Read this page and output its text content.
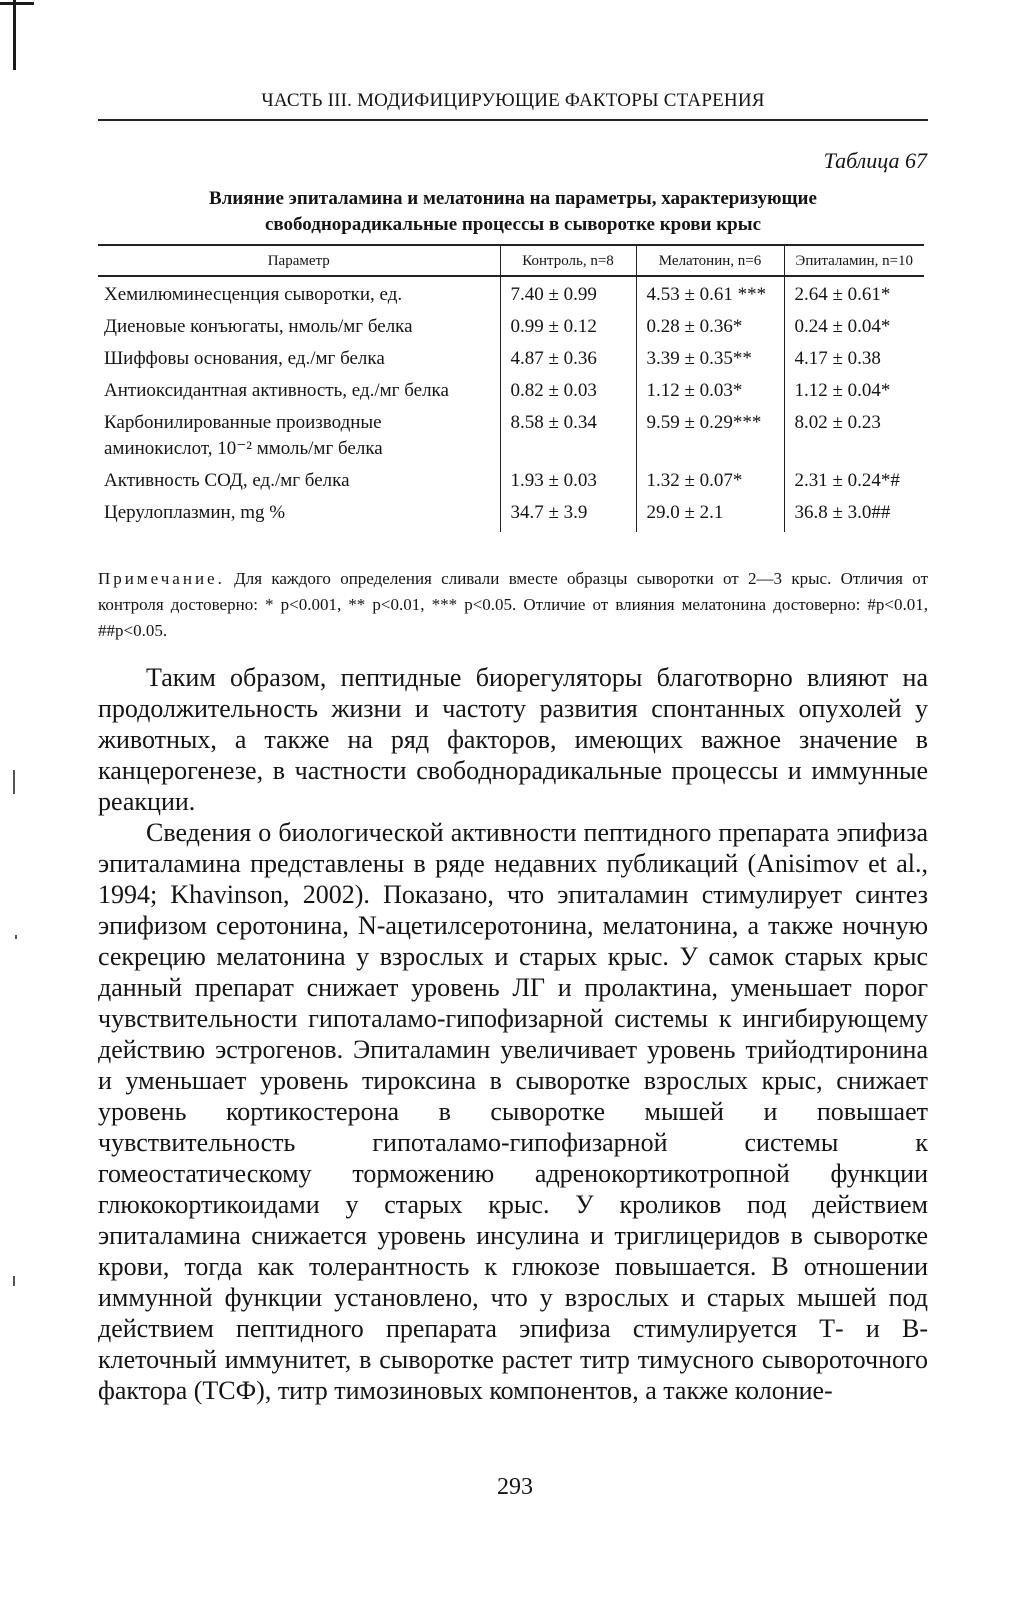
ЧАСТЬ III. МОДИФИЦИРУЮЩИЕ ФАКТОРЫ СТАРЕНИЯ
Таблица 67
Влияние эпиталамина и мелатонина на параметры, характеризующие
свободнорадикальные процессы в сыворотке крови крыс
Параметр	Контроль, n=8	Мелатонин, n=6	Эпиталамин, n=10
Хемилюминесценция сыворотки, ед.	7.40 ± 0.99	4.53 ± 0.61 ***	2.64 ± 0.61*
Диеновые конъюгаты, нмоль/мг белка	0.99 ± 0.12	0.28 ± 0.36*	0.24 ± 0.04*
Шиффовы основания, ед./мг белка	4.87 ± 0.36	3.39 ± 0.35**	4.17 ± 0.38
Антиоксидантная активность, ед./мг белка	0.82 ± 0.03	1.12 ± 0.03*	1.12 ± 0.04*
Карбонилированные производные аминокислот, 10⁻² ммоль/мг белка	8.58 ± 0.34	9.59 ± 0.29***	8.02 ± 0.23
Активность СОД, ед./мг белка	1.93 ± 0.03	1.32 ± 0.07*	2.31 ± 0.24*#
Церулоплазмин, mg %	34.7 ± 3.9	29.0 ± 2.1	36.8 ± 3.0##
Примечание. Для каждого определения сливали вместе образцы сыворотки от 2—3 крыс. Отличия от контроля достоверно: * p<0.001, ** p<0.01, *** p<0.05. Отличие от влияния мелатонина достоверно: #p<0.01, ##p<0.05.

Таким образом, пептидные биорегуляторы благотворно влияют на продолжительность жизни и частоту развития спонтанных опухолей у животных, а также на ряд факторов, имеющих важное значение в канцерогенезе, в частности свободнорадикальные процессы и иммунные реакции.

Сведения о биологической активности пептидного препарата эпифиза эпиталамина представлены в ряде недавних публикаций (Anisimov et al., 1994; Khavinson, 2002). Показано, что эпиталамин стимулирует синтез эпифизом серотонина, N-ацетилсеротонина, мелатонина, а также ночную секрецию мелатонина у взрослых и старых крыс. У самок старых крыс данный препарат снижает уровень ЛГ и пролактина, уменьшает порог чувствительности гипоталамо-гипофизарной системы к ингибирующему действию эстрогенов. Эпиталамин увеличивает уровень трийодтиронина и уменьшает уровень тироксина в сыворотке взрослых крыс, снижает уровень кортикостерона в сыворотке мышей и повышает чувствительность гипоталамо-гипофизарной системы к гомеостатическому торможению адренокортикотропной функции глюкокортикоидами у старых крыс. У кроликов под действием эпиталамина снижается уровень инсулина и триглицеридов в сыворотке крови, тогда как толерантность к глюкозе повышается. В отношении иммунной функции установлено, что у взрослых и старых мышей под действием пептидного препарата эпифиза стимулируется Т- и В-клеточный иммунитет, в сыворотке растет титр тимусного сывороточного фактора (ТСФ), титр тимозиновых компонентов, а также колоние-

293
